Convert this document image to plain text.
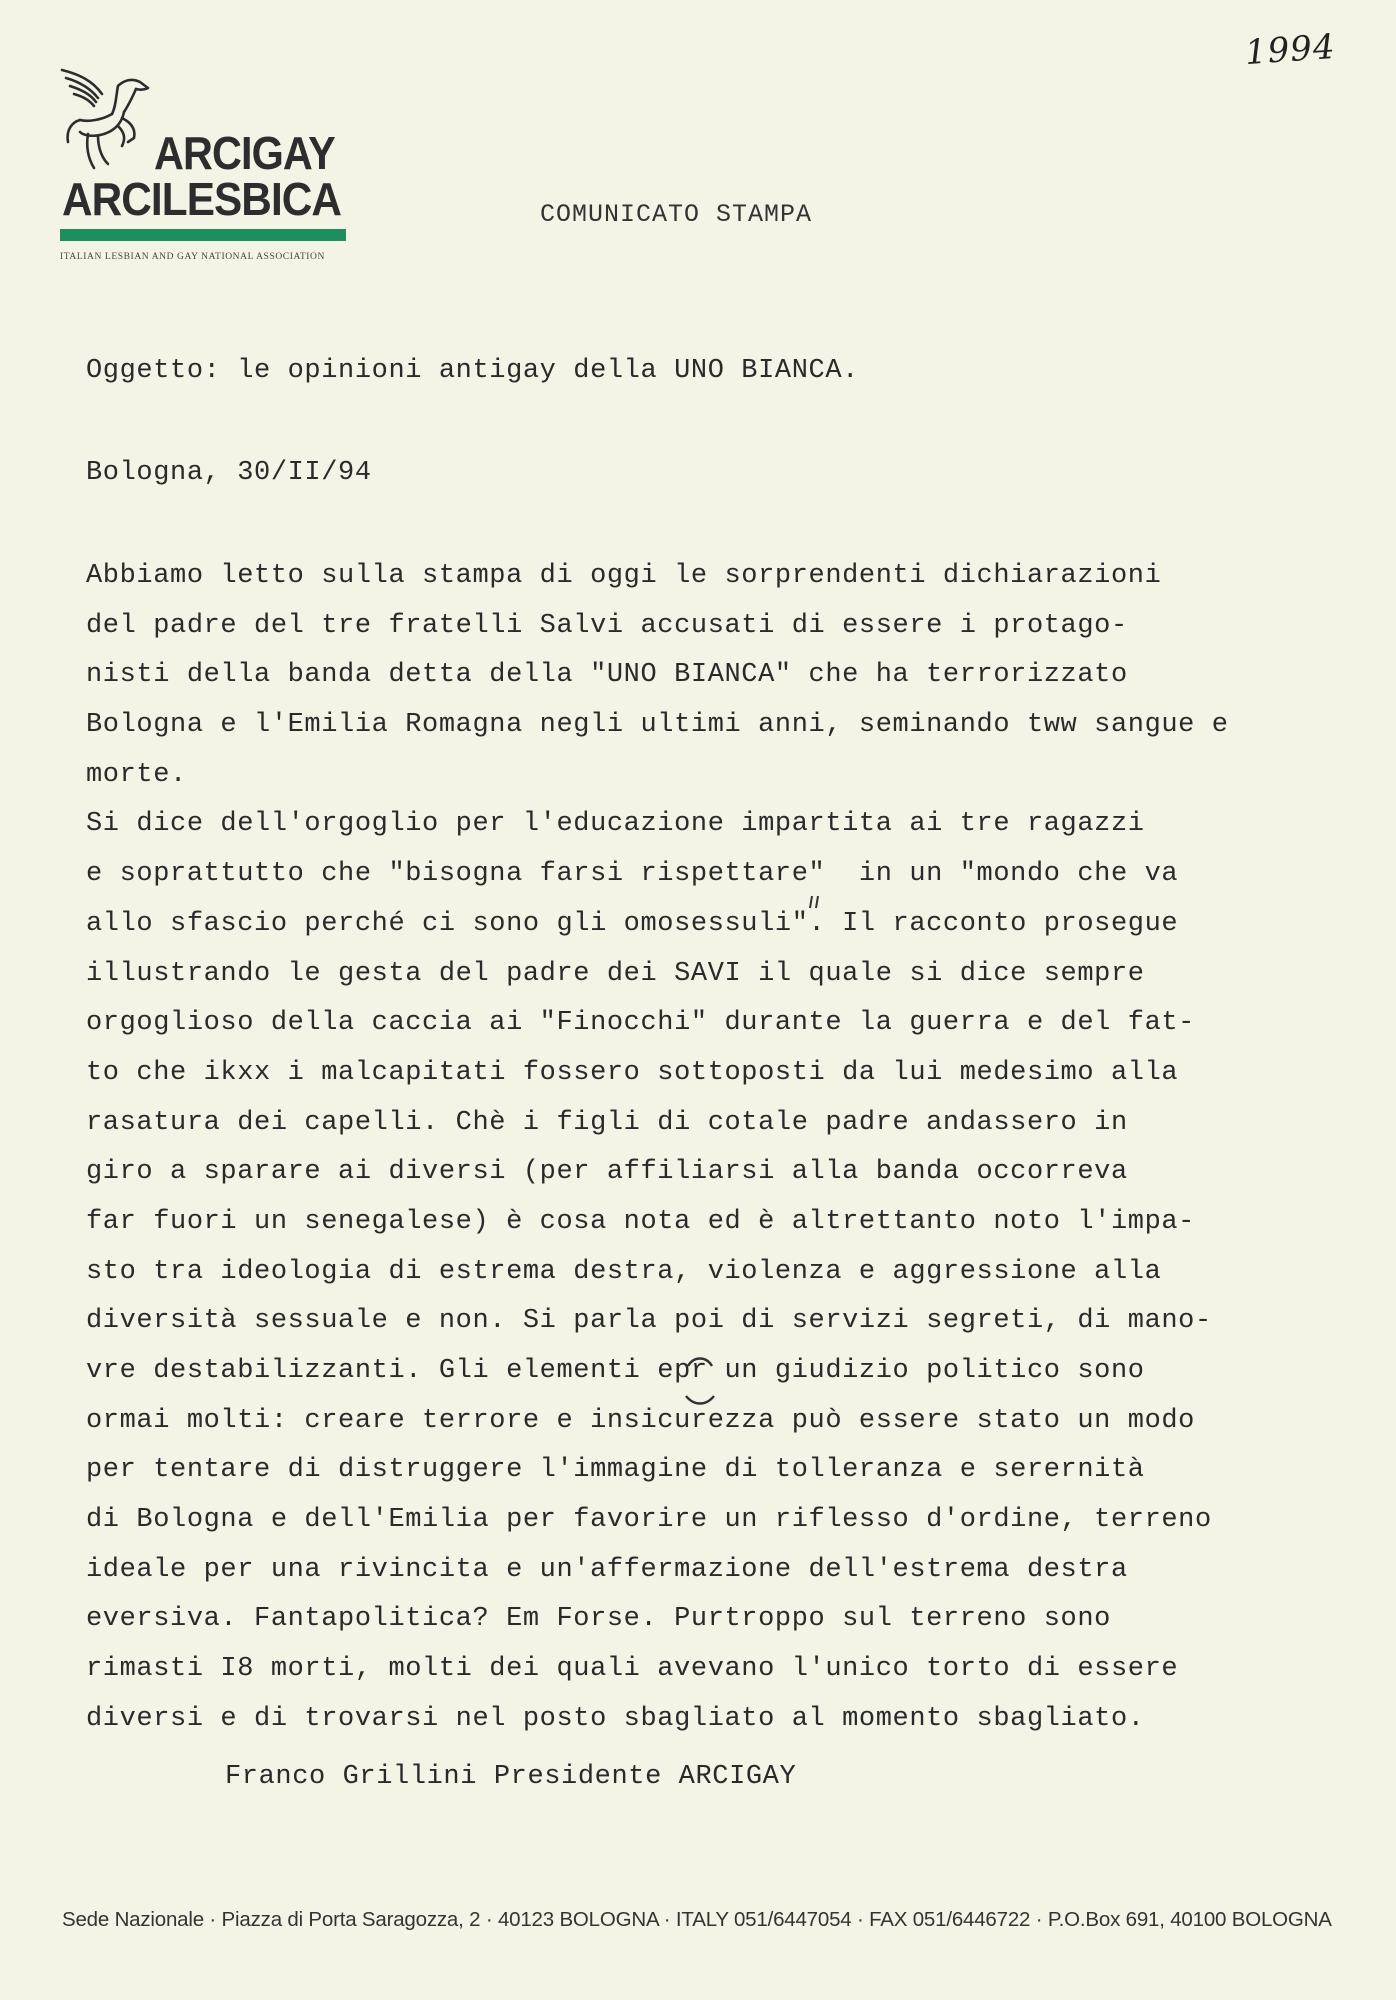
1994
ARCIGAY
ARCILESBICA
ITALIAN LESBIAN AND GAY NATIONAL ASSOCIATION
COMUNICATO STAMPA
Oggetto: le opinioni antigay della UNO BIANCA.
Bologna, 30/II/94
Abbiamo letto sulla stampa di oggi le sorprendenti dichiarazioni
del padre del tre fratelli Salvi accusati di essere i protago-
nisti della banda detta della "UNO BIANCA" che ha terrorizzato
Bologna e l'Emilia Romagna negli ultimi anni, seminando tww sangue e
morte.
Si dice dell'orgoglio per l'educazione impartita ai tre ragazzi
e soprattutto che "bisogna farsi rispettare"  in un "mondo che va
allo sfascio perché ci sono gli omosessuli". Il racconto prosegue
illustrando le gesta del padre dei SAVI il quale si dice sempre
orgoglioso della caccia ai "Finocchi" durante la guerra e del fat-
to che ikxx i malcapitati fossero sottoposti da lui medesimo alla
rasatura dei capelli. Chè i figli di cotale padre andassero in
giro a sparare ai diversi (per affiliarsi alla banda occorreva
far fuori un senegalese) è cosa nota ed è altrettanto noto l'impa-
sto tra ideologia di estrema destra, violenza e aggressione alla
diversità sessuale e non. Si parla poi di servizi segreti, di mano-
vre destabilizzanti. Gli elementi epr un giudizio politico sono
ormai molti: creare terrore e insicurezza può essere stato un modo
per tentare di distruggere l'immagine di tolleranza e serernità
di Bologna e dell'Emilia per favorire un riflesso d'ordine, terreno
ideale per una rivincita e un'affermazione dell'estrema destra
eversiva. Fantapolitica? Em Forse. Purtroppo sul terreno sono
rimasti I8 morti, molti dei quali avevano l'unico torto di essere
diversi e di trovarsi nel posto sbagliato al momento sbagliato.
Franco Grillini Presidente ARCIGAY
Sede Nazionale · Piazza di Porta Saragozza, 2 · 40123 BOLOGNA · ITALY 051/6447054 · FAX 051/6446722 · P.O.Box 691, 40100 BOLOGNA
